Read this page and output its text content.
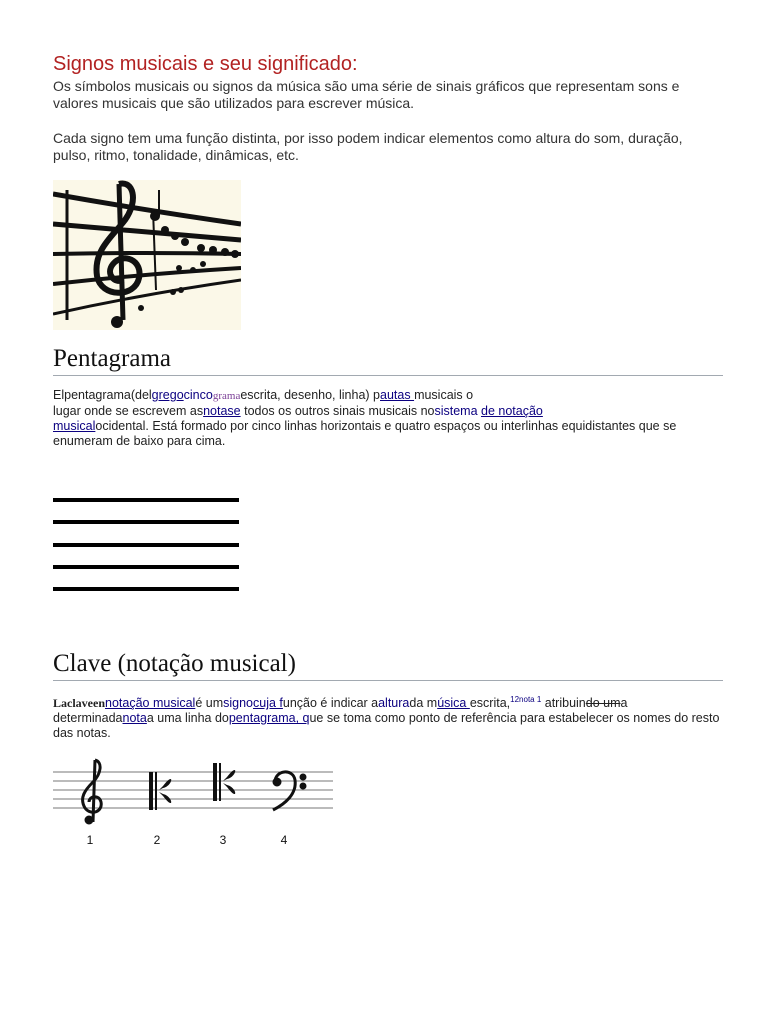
Signos musicais e seu significado:

Os símbolos musicais ou signos da música são uma série de sinais gráficos que representam sons e valores musicais que são utilizados para escrever música.

Cada signo tem uma função distinta, por isso podem indicar elementos como altura do som, duração, pulso, ritmo, tonalidade, dinâmicas, etc.

Pentagrama

Elpentagrama(delgregocincogramaescrita, desenho, linha) pautas musicais o
lugar onde se escrevem asnotase todos os outros sinais musicais nosistema de notação
musicalocidental. Está formado por cinco linhas horizontais e quatro espaços ou interlinhas equidistantes que se enumeram de baixo para cima.

Clave (notação musical)

Laclaveennotação musicalé umsignocuja função é indicar aalturada música escrita,$^{12nota 1}$ atribuindo uma determinadanotaa uma linha dopentagrama, que se toma como ponto de referência para estabelecer os nomes do resto das notas.

1	2	3	4
